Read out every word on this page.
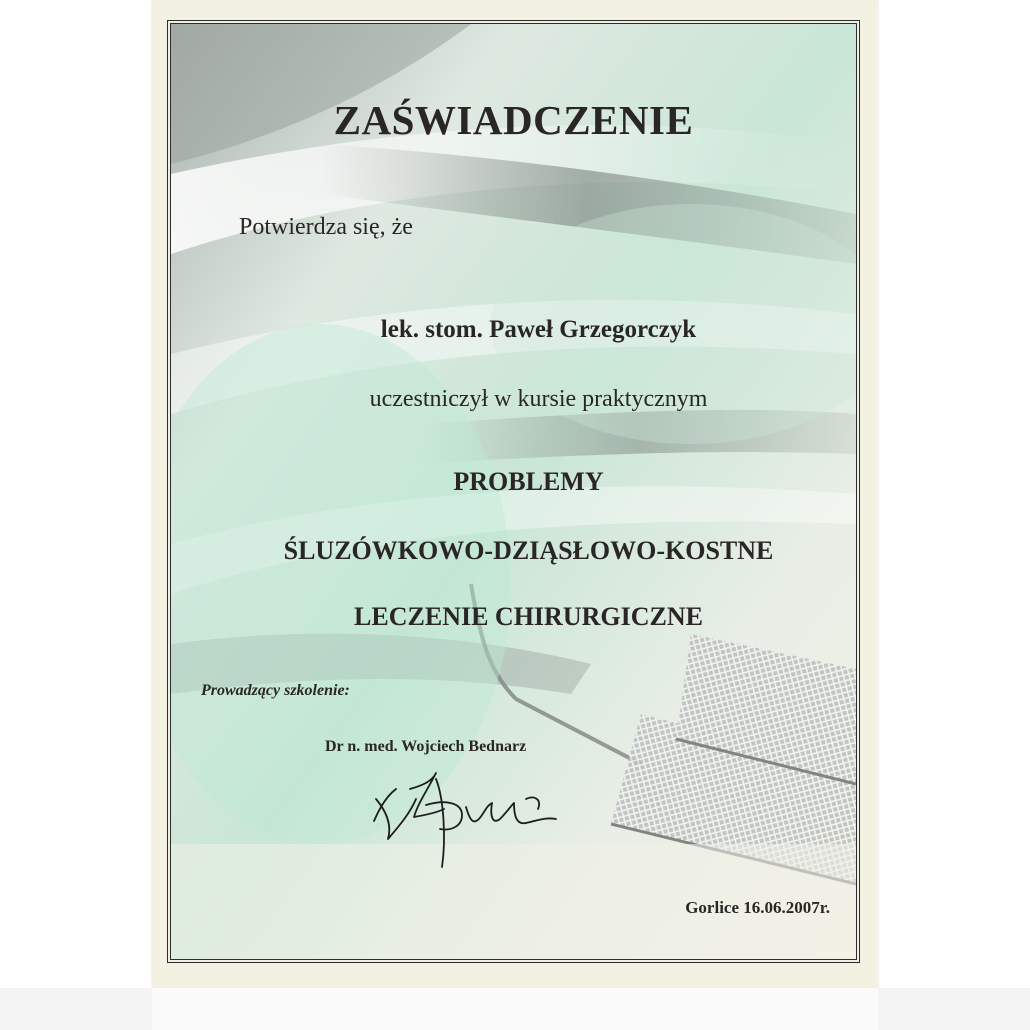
ZAŚWIADCZENIE
Potwierdza się, że
lek. stom. Paweł Grzegorczyk
uczestniczył w kursie praktycznym
PROBLEMY
ŚLUZÓWKOWO-DZIĄSŁOWO-KOSTNE
LECZENIE CHIRURGICZNE
Prowadzący szkolenie:
Dr n. med. Wojciech Bednarz
Gorlice 16.06.2007r.
